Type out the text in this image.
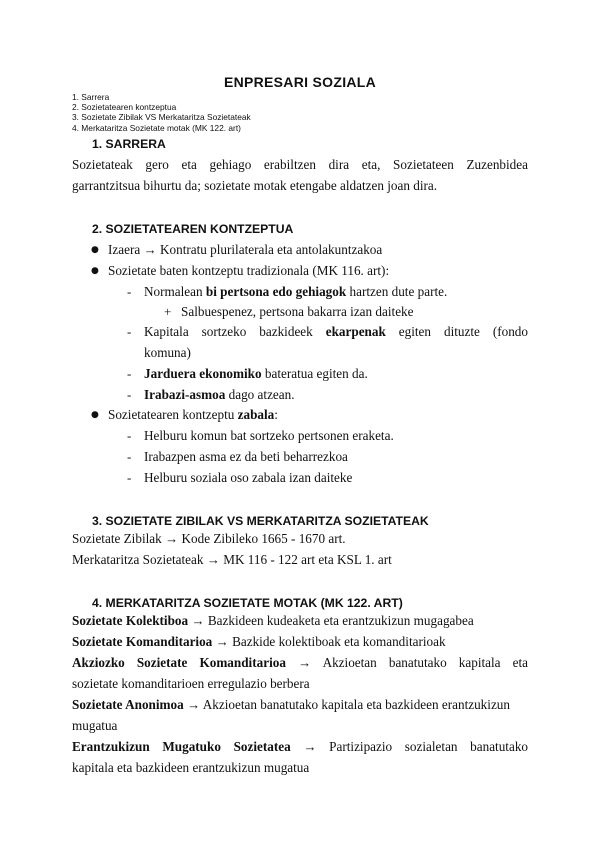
ENPRESARI SOZIALA
1. Sarrera
2. Sozietatearen kontzeptua
3. Sozietate Zibilak VS Merkataritza Sozietateak
4. Merkataritza Sozietate motak (MK 122. art)
1. SARRERA
Sozietateak gero eta gehiago erabiltzen dira eta, Sozietateen Zuzenbidea
garrantzitsua bihurtu da; sozietate motak etengabe aldatzen joan dira.
2. SOZIETATEAREN KONTZEPTUA
● Izaera → Kontratu plurilaterala eta antolakuntzakoa
● Sozietate baten kontzeptu tradizionala (MK 116. art):
- Normalean bi pertsona edo gehiagok hartzen dute parte.
+ Salbuespenez, pertsona bakarra izan daiteke
- Kapitala sortzeko bazkideek ekarpenak egiten dituzte (fondo
komuna)
- Jarduera ekonomiko bateratua egiten da.
- Irabazi-asmoa dago atzean.
● Sozietatearen kontzeptu zabala:
- Helburu komun bat sortzeko pertsonen eraketa.
- Irabazpen asma ez da beti beharrezkoa
- Helburu soziala oso zabala izan daiteke
3. SOZIETATE ZIBILAK VS MERKATARITZA SOZIETATEAK
Sozietate Zibilak → Kode Zibileko 1665 - 1670 art.
Merkataritza Sozietateak → MK 116 - 122 art eta KSL 1. art
4. MERKATARITZA SOZIETATE MOTAK (MK 122. ART)
Sozietate Kolektiboa → Bazkideen kudeaketa eta erantzukizun mugagabea
Sozietate Komanditarioa → Bazkide kolektiboak eta komanditarioak
Akziozko Sozietate Komanditarioa → Akzioetan banatutako kapitala eta
sozietate komanditarioen erregulazio berbera
Sozietate Anonimoa → Akzioetan banatutako kapitala eta bazkideen erantzukizun
mugatua
Erantzukizun Mugatuko Sozietatea → Partizipazio sozialetan banatutako
kapitala eta bazkideen erantzukizun mugatua
